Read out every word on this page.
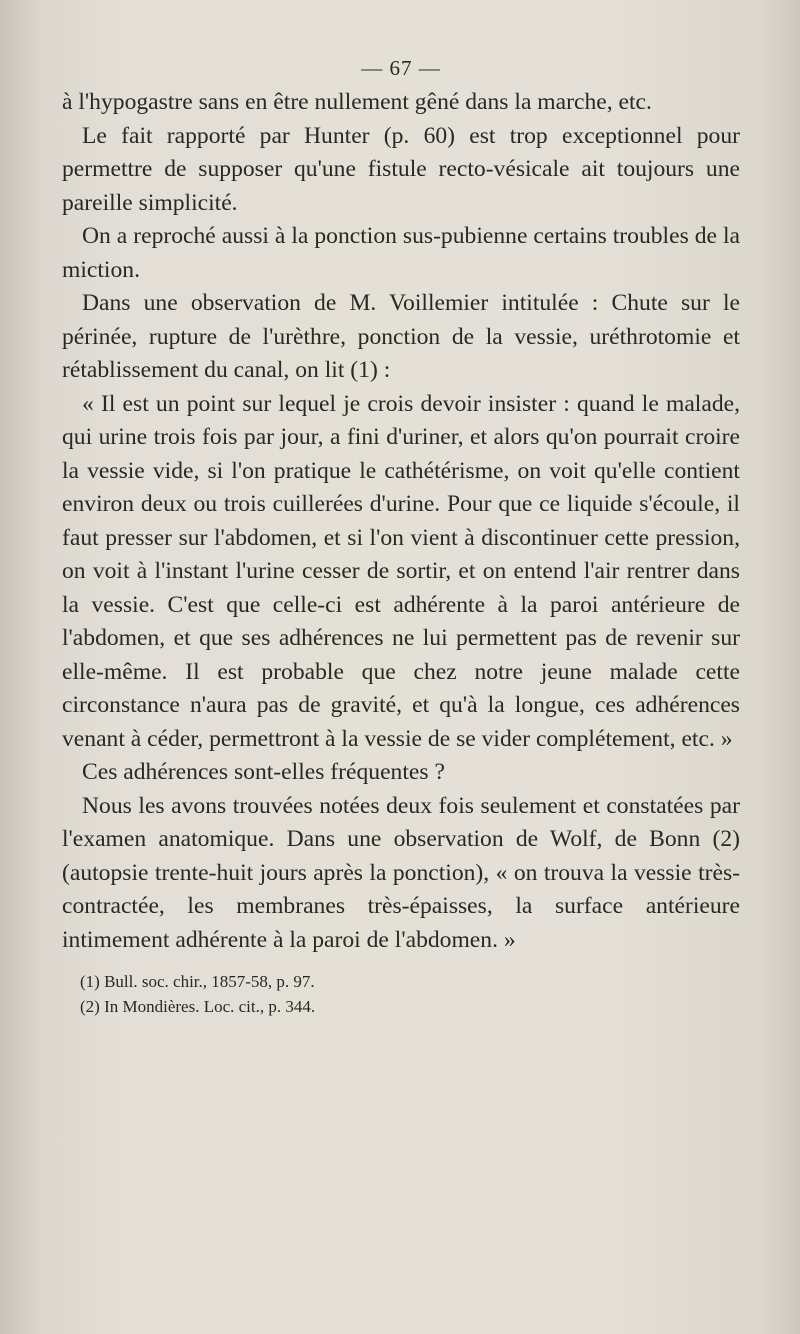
— 67 —

à l'hypogastre sans en être nullement gêné dans la marche, etc.

Le fait rapporté par Hunter (p. 60) est trop exceptionnel pour permettre de supposer qu'une fistule recto-vésicale ait toujours une pareille simplicité.

On a reproché aussi à la ponction sus-pubienne certains troubles de la miction.

Dans une observation de M. Voillemier intitulée : Chute sur le périnée, rupture de l'urèthre, ponction de la vessie, uréthrotomie et rétablissement du canal, on lit (1) :

« Il est un point sur lequel je crois devoir insister : quand le malade, qui urine trois fois par jour, a fini d'uriner, et alors qu'on pourrait croire la vessie vide, si l'on pratique le cathétérisme, on voit qu'elle contient environ deux ou trois cuillerées d'urine. Pour que ce liquide s'écoule, il faut presser sur l'abdomen, et si l'on vient à discontinuer cette pression, on voit à l'instant l'urine cesser de sortir, et on entend l'air rentrer dans la vessie. C'est que celle-ci est adhérente à la paroi antérieure de l'abdomen, et que ses adhérences ne lui permettent pas de revenir sur elle-même. Il est probable que chez notre jeune malade cette circonstance n'aura pas de gravité, et qu'à la longue, ces adhérences venant à céder, permettront à la vessie de se vider complétement, etc. »

Ces adhérences sont-elles fréquentes ?

Nous les avons trouvées notées deux fois seulement et constatées par l'examen anatomique. Dans une observation de Wolf, de Bonn (2) (autopsie trente-huit jours après la ponction), « on trouva la vessie très-contractée, les membranes très-épaisses, la surface antérieure intimement adhérente à la paroi de l'abdomen. »

(1) Bull. soc. chir., 1857-58, p. 97.

(2) In Mondières. Loc. cit., p. 344.
